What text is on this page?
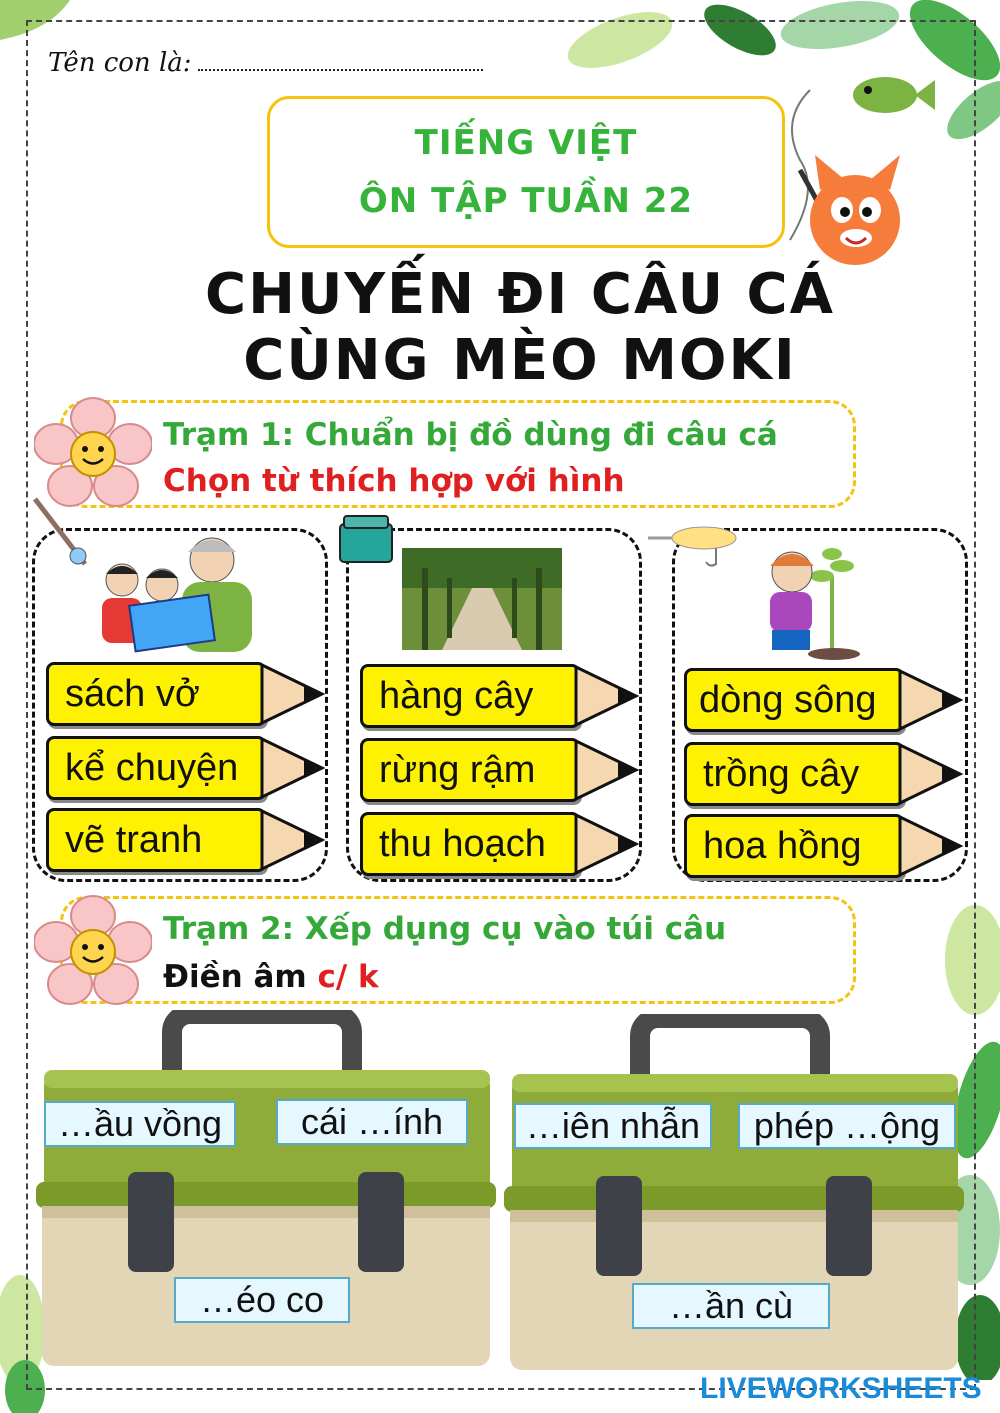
Tên con là:
TIẾNG VIỆT
ÔN TẬP TUẦN 22
CHUYẾN ĐI CÂU CÁ
CÙNG MÈO MOKI
Trạm 1: Chuẩn bị đồ dùng đi câu cá
Chọn từ thích hợp với hình
sách vở
kể chuyện
vẽ tranh
hàng cây
rừng rậm
thu hoạch
dòng sông
trồng cây
hoa hồng
Trạm 2: Xếp dụng cụ vào túi câu
Điền âm c/ k
…ầu vồng	cái …ính
…éo co
…iên nhẫn	phép …ộng
…ần cù
LIVEWORKSHEETS
